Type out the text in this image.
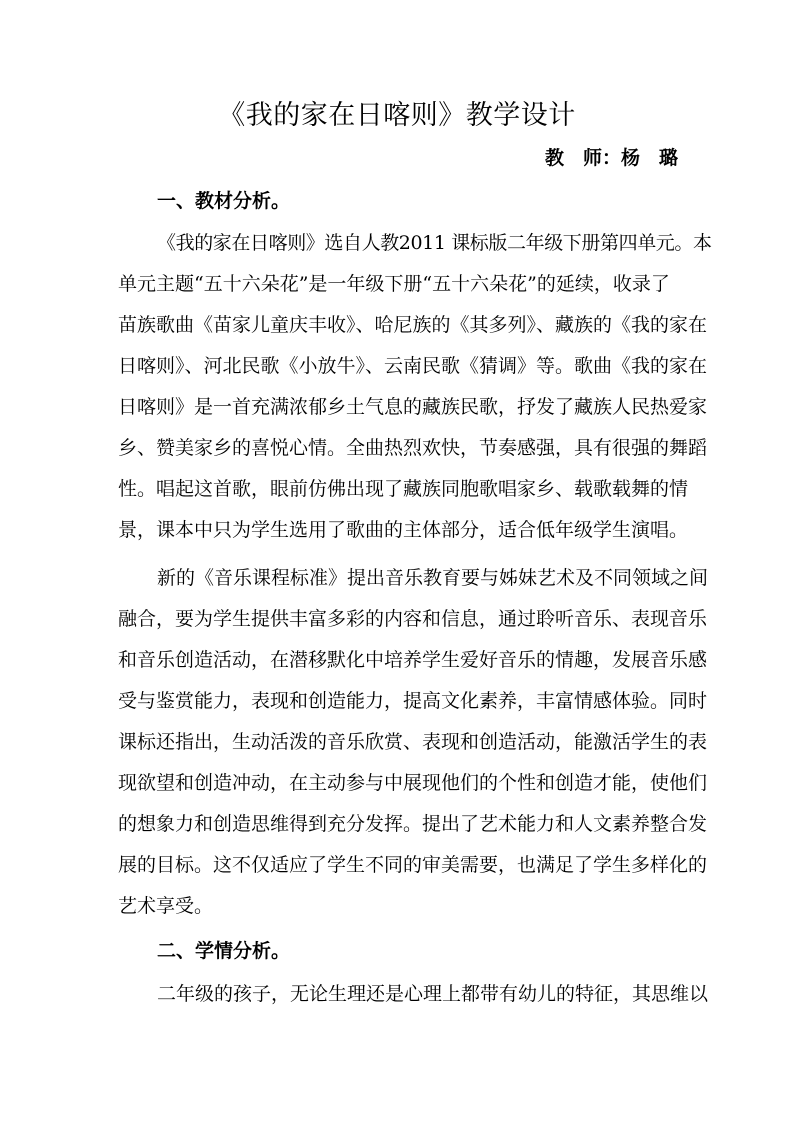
《我的家在日喀则》教学设计
教　师：杨　璐
一、教材分析。
《我的家在日喀则》选自人教2011 课标版二年级下册第四单元。本
单元主题“五十六朵花”是一年级下册“五十六朵花”的延续，收录了
苗族歌曲《苗家儿童庆丰收》、哈尼族的《其多列》、藏族的《我的家在
日喀则》、河北民歌《小放牛》、云南民歌《猜调》等。歌曲《我的家在
日喀则》是一首充满浓郁乡土气息的藏族民歌，抒发了藏族人民热爱家
乡、赞美家乡的喜悦心情。全曲热烈欢快，节奏感强，具有很强的舞蹈
性。唱起这首歌，眼前仿佛出现了藏族同胞歌唱家乡、载歌载舞的情
景，课本中只为学生选用了歌曲的主体部分，适合低年级学生演唱。
新的《音乐课程标准》提出音乐教育要与姊妹艺术及不同领域之间
融合，要为学生提供丰富多彩的内容和信息，通过聆听音乐、表现音乐
和音乐创造活动，在潜移默化中培养学生爱好音乐的情趣，发展音乐感
受与鉴赏能力，表现和创造能力，提高文化素养，丰富情感体验。同时
课标还指出，生动活泼的音乐欣赏、表现和创造活动，能激活学生的表
现欲望和创造冲动，在主动参与中展现他们的个性和创造才能，使他们
的想象力和创造思维得到充分发挥。提出了艺术能力和人文素养整合发
展的目标。这不仅适应了学生不同的审美需要，也满足了学生多样化的
艺术享受。
二、学情分析。
二年级的孩子，无论生理还是心理上都带有幼儿的特征，其思维以
